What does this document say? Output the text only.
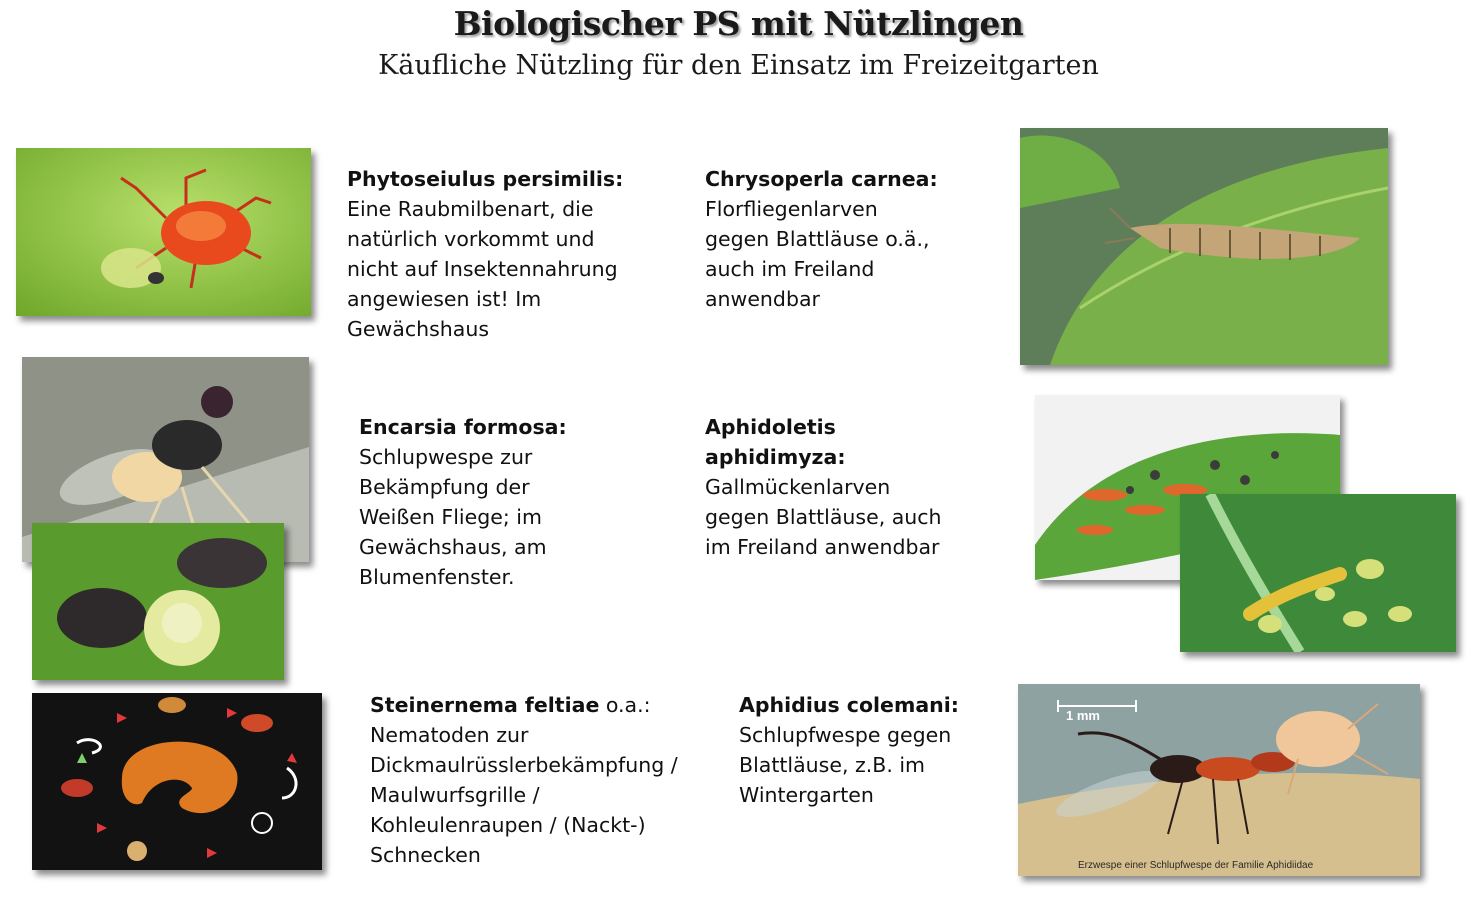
Biologischer PS mit Nützlingen
Käufliche Nützling für den Einsatz im Freizeitgarten
1 mm
Erzwespe einer Schlupfwespe der Familie Aphidiidae
Phytoseiulus persimilis:
Eine Raubmilbenart, die
natürlich vorkommt und
nicht auf Insektennahrung
angewiesen ist! Im
Gewächshaus
Chrysoperla carnea:
Florfliegenlarven
gegen Blattläuse o.ä.,
auch im Freiland
anwendbar
Encarsia formosa:
Schlupwespe zur
Bekämpfung der
Weißen Fliege; im
Gewächshaus, am
Blumenfenster.
Aphidoletis
aphidimyza:
Gallmückenlarven
gegen Blattläuse, auch
im Freiland anwendbar
Steinernema feltiae o.a.:
Nematoden zur
Dickmaulrüsslerbekämpfung /
Maulwurfsgrille /
Kohleulenraupen / (Nackt-)
Schnecken
Aphidius colemani:
Schlupfwespe gegen
Blattläuse, z.B. im
Wintergarten
